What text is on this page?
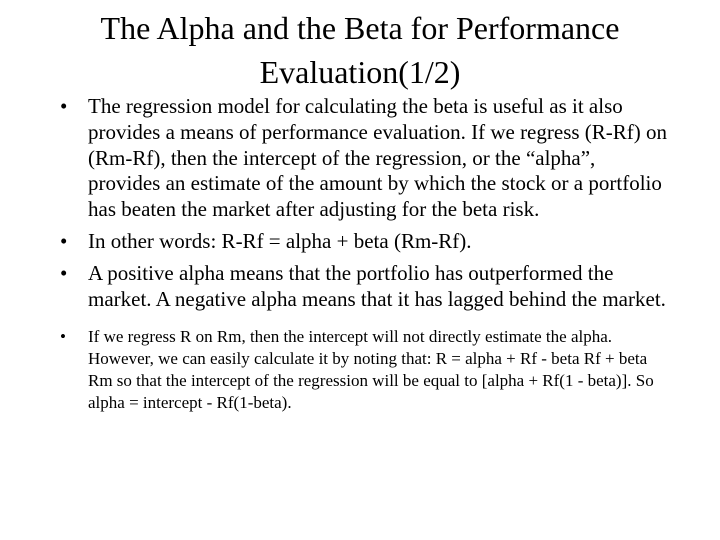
The Alpha and the Beta for Performance
Evaluation(1/2)
• The regression model for calculating the beta is useful as it also provides a means of performance evaluation. If we regress (R-Rf) on (Rm-Rf), then the intercept of the regression, or the “alpha”, provides an estimate of the amount by which the stock or a portfolio has beaten the market after adjusting for the beta risk.
• In other words: R-Rf = alpha + beta (Rm-Rf).
• A positive alpha means that the portfolio has outperformed the market. A negative alpha means that it has lagged behind the market.
• If we regress R on Rm, then the intercept will not directly estimate the alpha. However, we can easily calculate it by noting that: R = alpha + Rf - beta Rf + beta Rm so that the intercept of the regression will be equal to [alpha + Rf(1 - beta)]. So alpha = intercept - Rf(1-beta).
